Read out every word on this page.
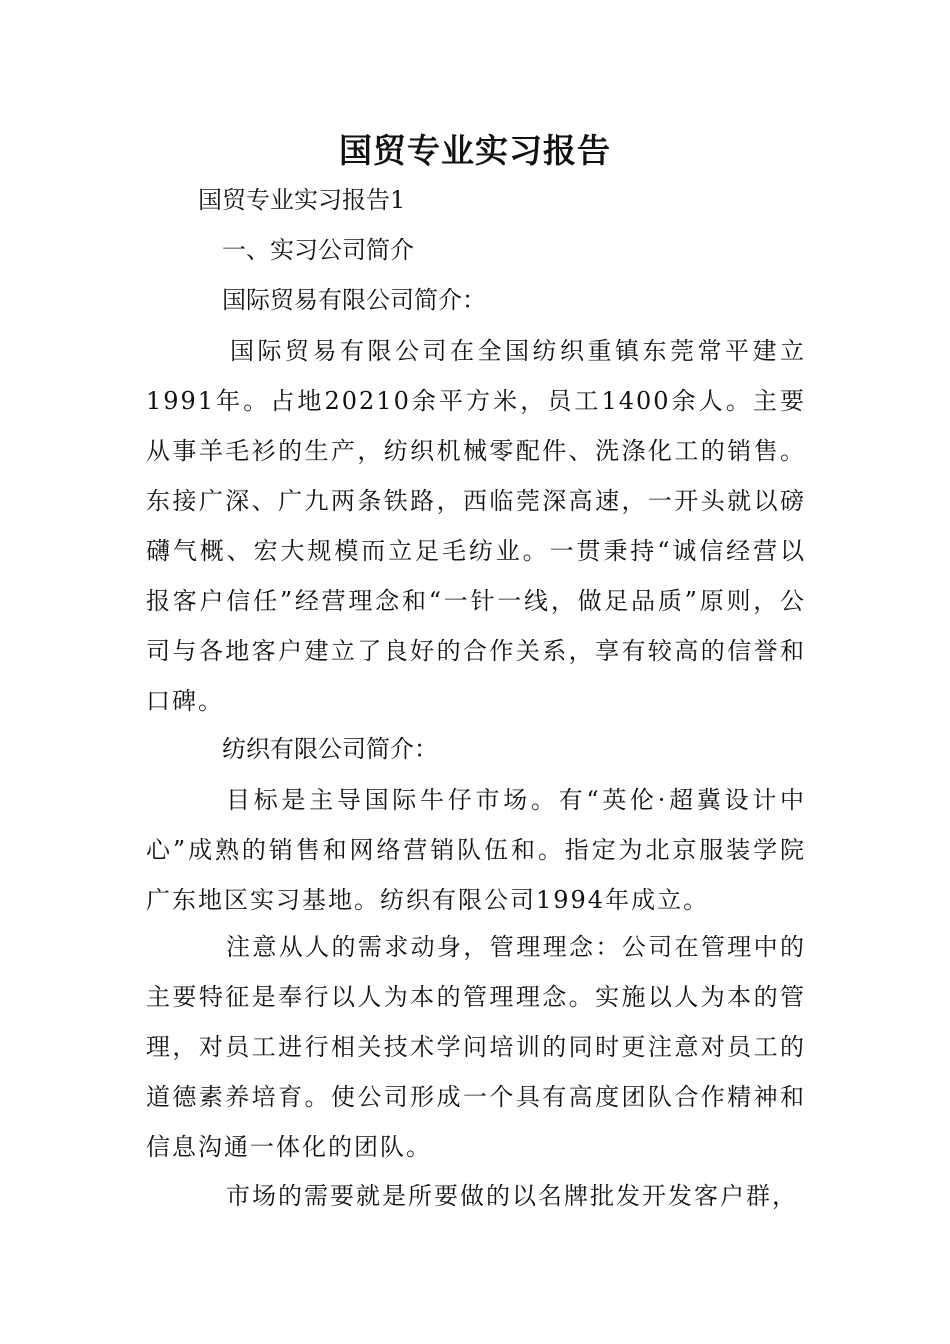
国贸专业实习报告

国贸专业实习报告1

一、实习公司简介

国际贸易有限公司简介：

国际贸易有限公司在全国纺织重镇东莞常平建立1991年。占地20210余平方米，员工1400余人。主要从事羊毛衫的生产，纺织机械零配件、洗涤化工的销售。东接广深、广九两条铁路，西临莞深高速，一开头就以磅礴气概、宏大规模而立足毛纺业。一贯秉持“诚信经营以报客户信任”经营理念和“一针一线，做足品质”原则，公司与各地客户建立了良好的合作关系，享有较高的信誉和口碑。

纺织有限公司简介：

目标是主导国际牛仔市场。有“英伦·超冀设计中心”成熟的销售和网络营销队伍和。指定为北京服装学院广东地区实习基地。纺织有限公司1994年成立。

注意从人的需求动身，管理理念：公司在管理中的主要特征是奉行以人为本的管理理念。实施以人为本的管理，对员工进行相关技术学问培训的同时更注意对员工的道德素养培育。使公司形成一个具有高度团队合作精神和信息沟通一体化的团队。

市场的需要就是所要做的以名牌批发开发客户群，
